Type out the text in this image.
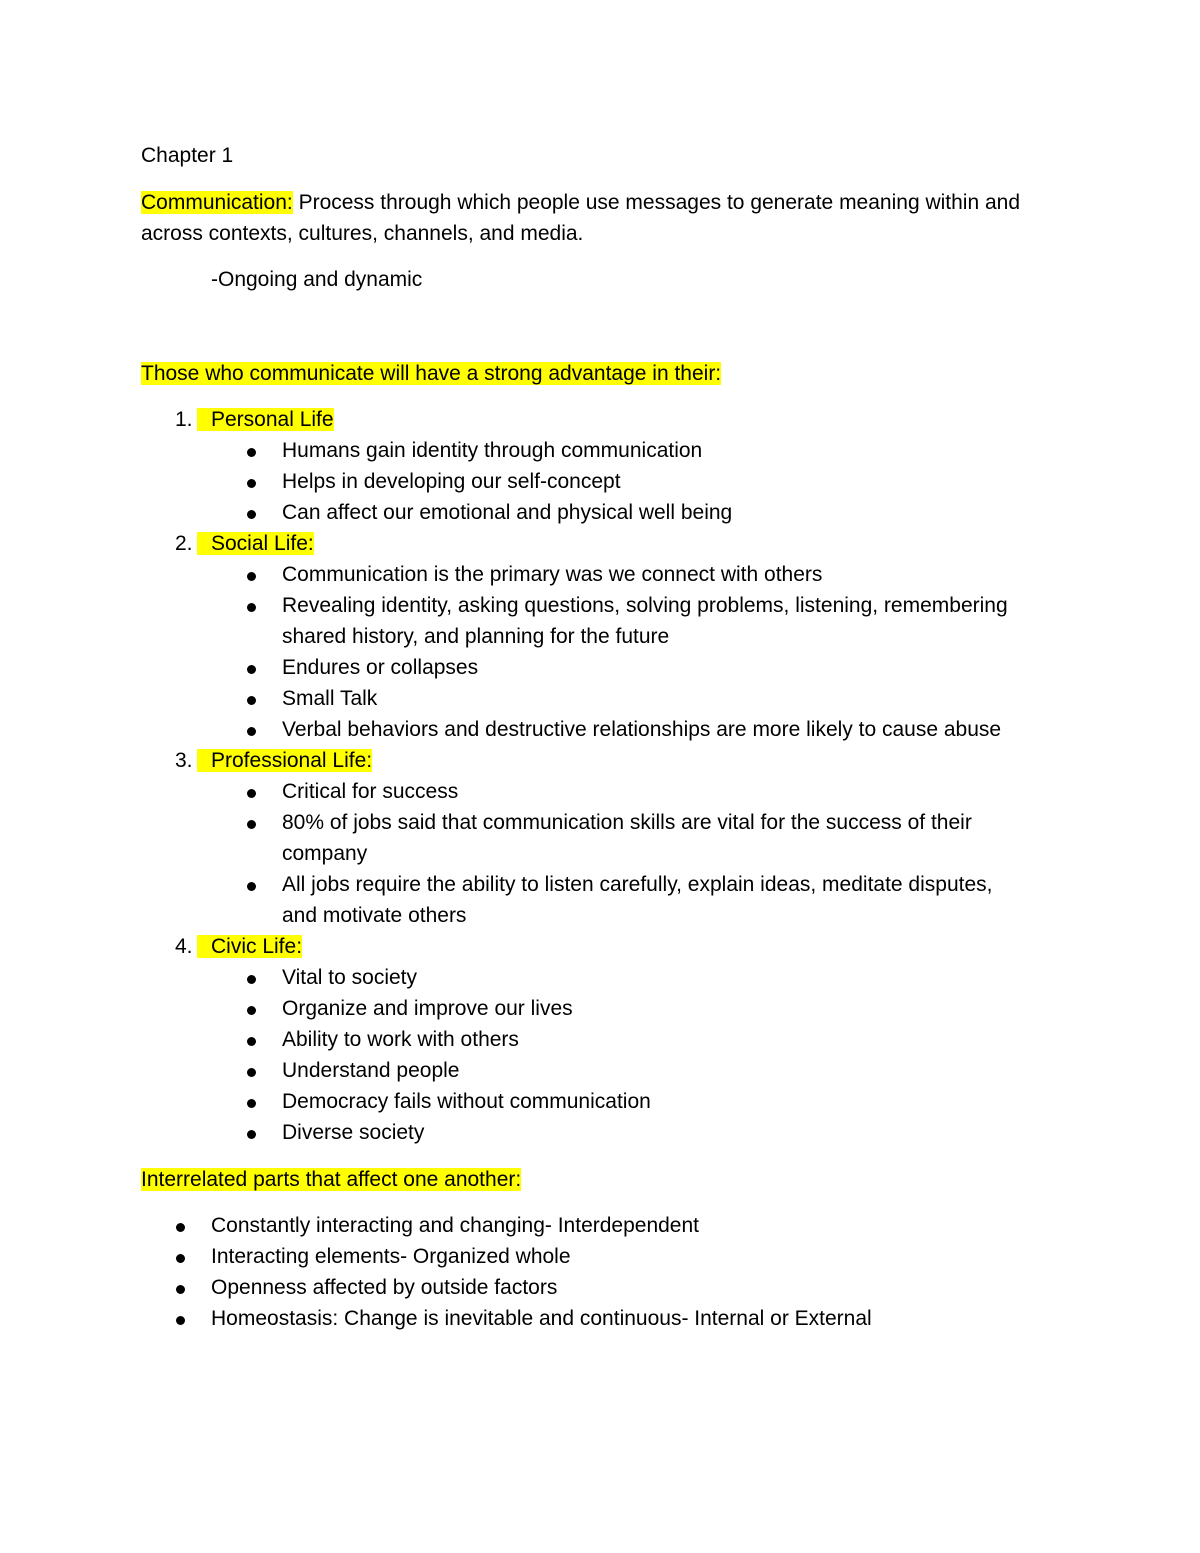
Chapter 1
Communication: Process through which people use messages to generate meaning within and
across contexts, cultures, channels, and media.
-Ongoing and dynamic
Those who communicate will have a strong advantage in their:
1. Personal Life
Humans gain identity through communication
Helps in developing our self-concept
Can affect our emotional and physical well being
2. Social Life:
Communication is the primary was we connect with others
Revealing identity, asking questions, solving problems, listening, remembering
shared history, and planning for the future
Endures or collapses
Small Talk
Verbal behaviors and destructive relationships are more likely to cause abuse
3. Professional Life:
Critical for success
80% of jobs said that communication skills are vital for the success of their
company
All jobs require the ability to listen carefully, explain ideas, meditate disputes,
and motivate others
4. Civic Life:
Vital to society
Organize and improve our lives
Ability to work with others
Understand people
Democracy fails without communication
Diverse society
Interrelated parts that affect one another:
Constantly interacting and changing- Interdependent
Interacting elements- Organized whole
Openness affected by outside factors
Homeostasis: Change is inevitable and continuous- Internal or External
